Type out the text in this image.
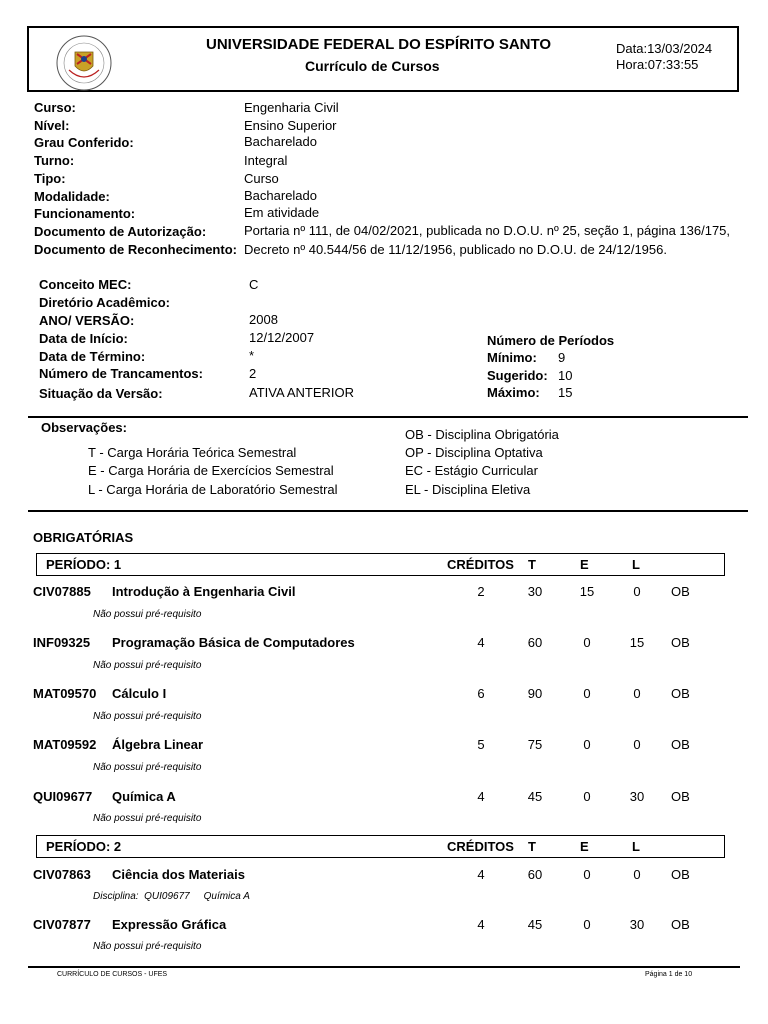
UNIVERSIDADE FEDERAL DO ESPÍRITO SANTO
Currículo de Cursos
Data:13/03/2024
Hora:07:33:55
Curso:	Engenharia Civil
Nível:	Ensino Superior
Grau Conferido:	Bacharelado
Turno:	Integral
Tipo:	Curso
Modalidade:	Bacharelado
Funcionamento:	Em atividade
Documento de Autorização:	Portaria nº 111, de 04/02/2021, publicada no D.O.U. nº 25, seção 1, página 136/175,
Documento de Reconhecimento: Decreto nº 40.544/56 de 11/12/1956, publicado no D.O.U. de 24/12/1956.
Conceito MEC:	C
Diretório Acadêmico:
ANO/ VERSÃO:	2008
Data de Início:	12/12/2007
Data de Término:	*
Número de Trancamentos:	2
Situação da Versão:	ATIVA ANTERIOR
Número de Períodos
Mínimo: 9
Sugerido: 10
Máximo: 15
Observações:
T - Carga Horária Teórica Semestral
E - Carga Horária de Exercícios Semestral
L - Carga Horária de Laboratório Semestral
OB - Disciplina Obrigatória
OP - Disciplina Optativa
EC - Estágio Curricular
EL - Disciplina Eletiva
OBRIGATÓRIAS
PERÍODO: 1	CRÉDITOS T	E	L
CIV07885 Introdução à Engenharia Civil	2	30	15	0	OB
Não possui pré-requisito
INF09325 Programação Básica de Computadores	4	60	0	15	OB
Não possui pré-requisito
MAT09570 Cálculo I	6	90	0	0	OB
Não possui pré-requisito
MAT09592 Álgebra Linear	5	75	0	0	OB
Não possui pré-requisito
QUI09677 Química A	4	45	0	30	OB
Não possui pré-requisito
PERÍODO: 2	CRÉDITOS T	E	L
CIV07863 Ciência dos Materiais	4	60	0	0	OB
Disciplina:  QUI09677     Química A
CIV07877 Expressão Gráfica	4	45	0	30	OB
Não possui pré-requisito
CURRÍCULO DE CURSOS - UFES	Página 1 de 10
